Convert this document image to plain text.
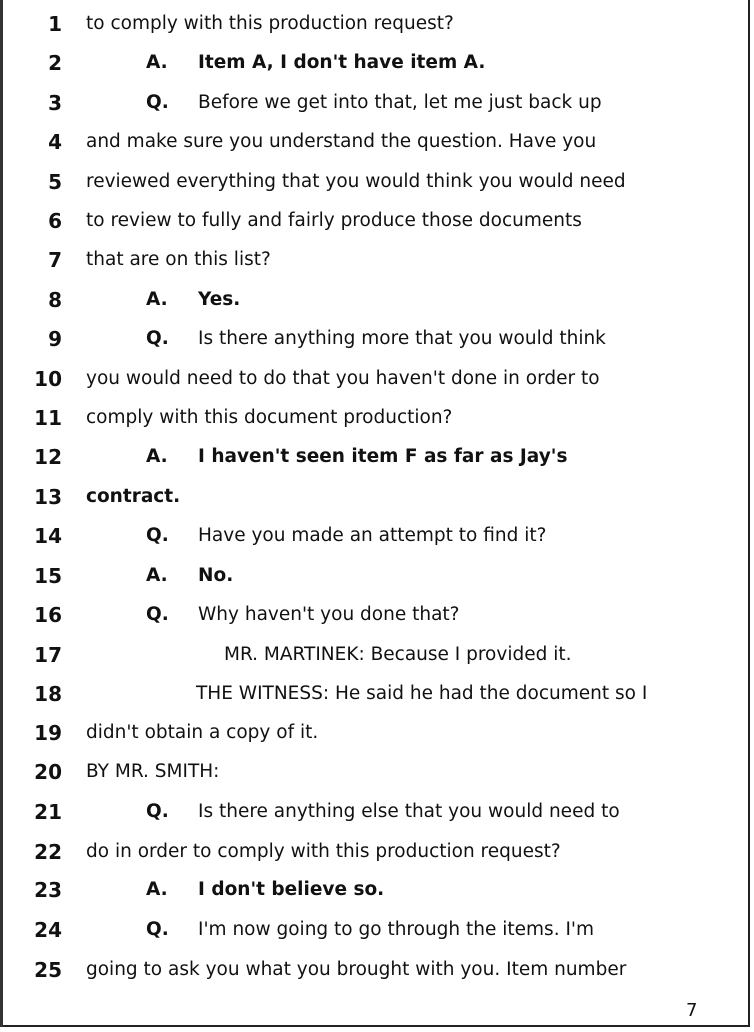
1 to comply with this production request?
2	A. Item A, I don't have item A.
3	Q. Before we get into that, let me just back up
4 and make sure you understand the question. Have you
5 reviewed everything that you would think you would need
6 to review to fully and fairly produce those documents
7 that are on this list?
8	A. Yes.
9	Q. Is there anything more that you would think
10 you would need to do that you haven't done in order to
11 comply with this document production?
12	A. I haven't seen item F as far as Jay's
13 contract.
14	Q. Have you made an attempt to find it?
15	A. No.
16	Q. Why haven't you done that?
17	MR. MARTINEK: Because I provided it.
18	THE WITNESS: He said he had the document so I
19 didn't obtain a copy of it.
20 BY MR. SMITH:
21	Q. Is there anything else that you would need to
22 do in order to comply with this production request?
23	A. I don't believe so.
24	Q. I'm now going to go through the items. I'm
25 going to ask you what you brought with you. Item number
7
